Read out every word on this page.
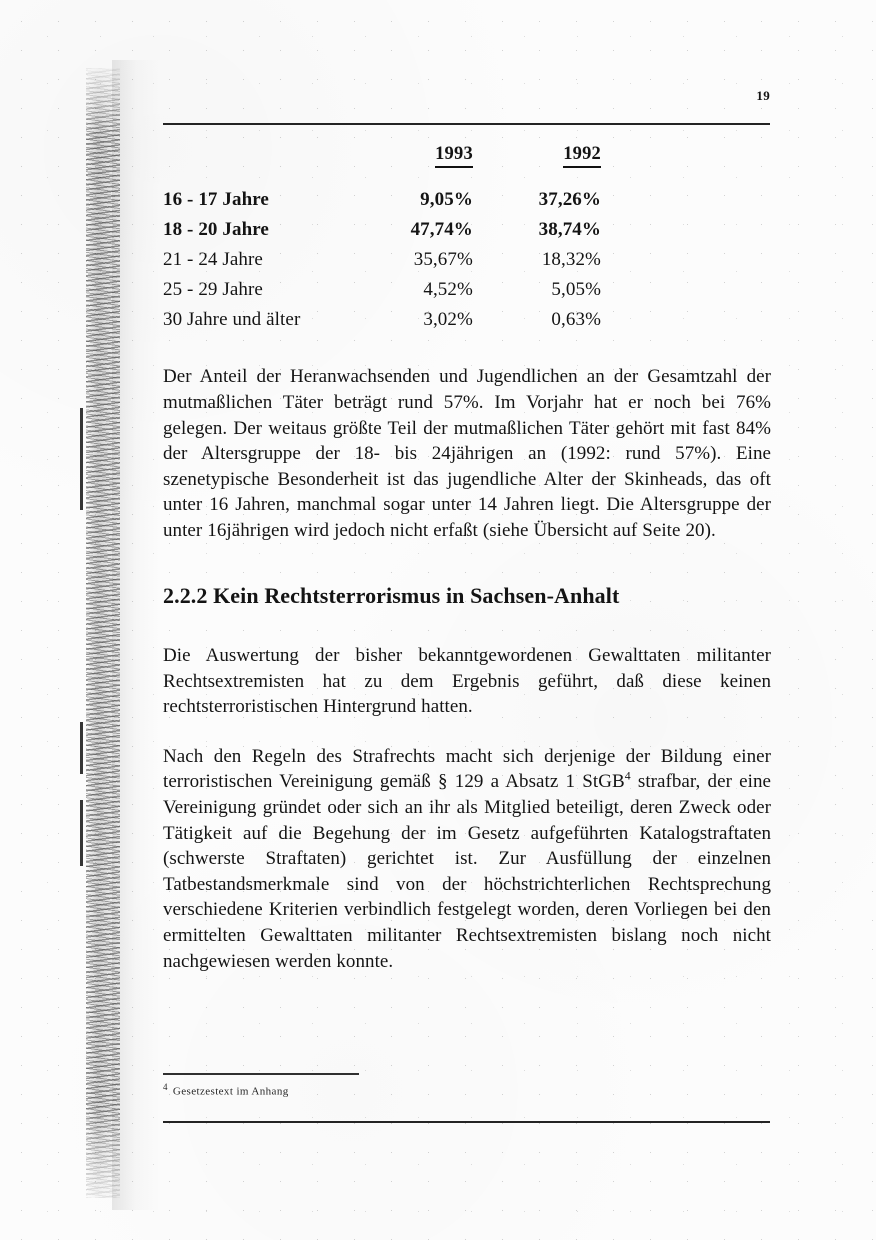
19
	1993	1992
16 - 17 Jahre	9,05%	37,26%
18 - 20 Jahre	47,74%	38,74%
21 - 24 Jahre	35,67%	18,32%
25 - 29 Jahre	4,52%	5,05%
30 Jahre und älter	3,02%	0,63%

Der Anteil der Heranwachsenden und Jugendlichen an der Gesamtzahl der mutmaßlichen Täter beträgt rund 57%. Im Vorjahr hat er noch bei 76% gelegen. Der weitaus größte Teil der mutmaßlichen Täter gehört mit fast 84% der Altersgruppe der 18- bis 24jährigen an (1992: rund 57%). Eine szenetypische Besonderheit ist das jugendliche Alter der Skinheads, das oft unter 16 Jahren, manchmal sogar unter 14 Jahren liegt. Die Altersgruppe der unter 16jährigen wird jedoch nicht erfaßt (siehe Übersicht auf Seite 20).

2.2.2 Kein Rechtsterrorismus in Sachsen-Anhalt

Die Auswertung der bisher bekanntgewordenen Gewalttaten militanter Rechtsextremisten hat zu dem Ergebnis geführt, daß diese keinen rechtsterroristischen Hintergrund hatten.

Nach den Regeln des Strafrechts macht sich derjenige der Bildung einer terroristischen Vereinigung gemäß § 129 a Absatz 1 StGB$^4$ strafbar, der eine Vereinigung gründet oder sich an ihr als Mitglied beteiligt, deren Zweck oder Tätigkeit auf die Begehung der im Gesetz aufgeführten Katalogstraftaten (schwerste Straftaten) gerichtet ist. Zur Ausfüllung der einzelnen Tatbestandsmerkmale sind von der höchstrichterlichen Rechtsprechung verschiedene Kriterien verbindlich festgelegt worden, deren Vorliegen bei den ermittelten Gewalttaten militanter Rechtsextremisten bislang noch nicht nachgewiesen werden konnte.

$^4$ Gesetzestext im Anhang
